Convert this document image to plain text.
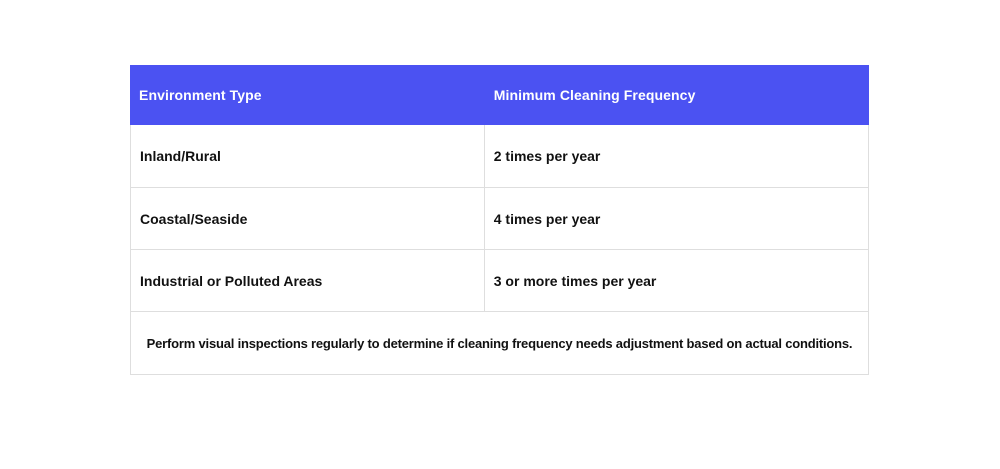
Environment Type	Minimum Cleaning Frequency
Inland/Rural	2 times per year
Coastal/Seaside	4 times per year
Industrial or Polluted Areas	3 or more times per year
Perform visual inspections regularly to determine if cleaning frequency needs adjustment based on actual conditions.
